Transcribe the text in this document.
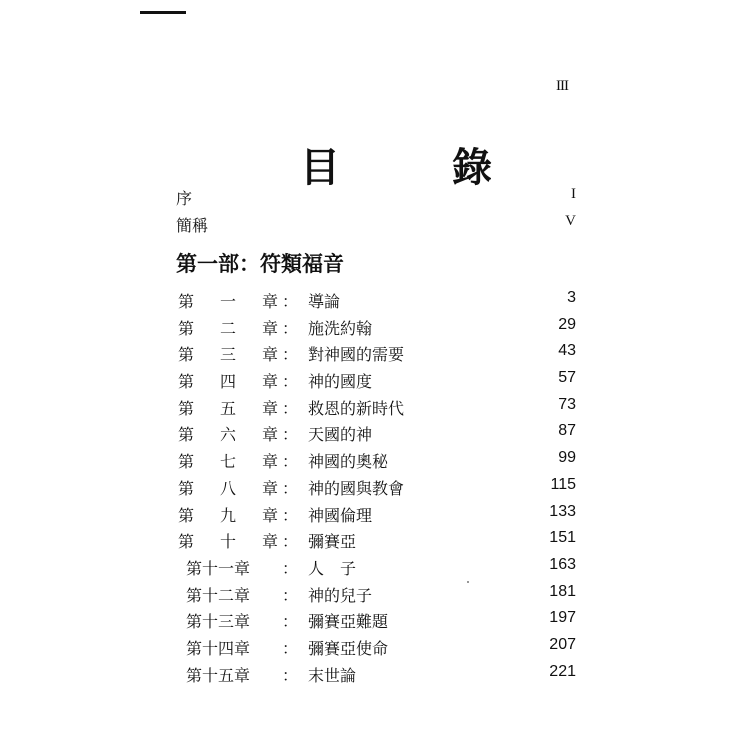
III
目　錄
序	I
簡稱	V
第一部：符類福音
第 一 章 ： 導論	3
第 二 章 ： 施洗約翰	29
第 三 章 ： 對神國的需要	43
第 四 章 ： 神的國度	57
第 五 章 ： 救恩的新時代	73
第 六 章 ： 天國的神	87
第 七 章 ： 神國的奧秘	99
第 八 章 ： 神的國與教會	115
第 九 章 ： 神國倫理	133
第 十 章 ： 彌賽亞	151
第十一章 ： 人　子	163
第十二章 ： 神的兒子	181
第十三章 ： 彌賽亞難題	197
第十四章 ： 彌賽亞使命	207
第十五章 ： 末世論	221
